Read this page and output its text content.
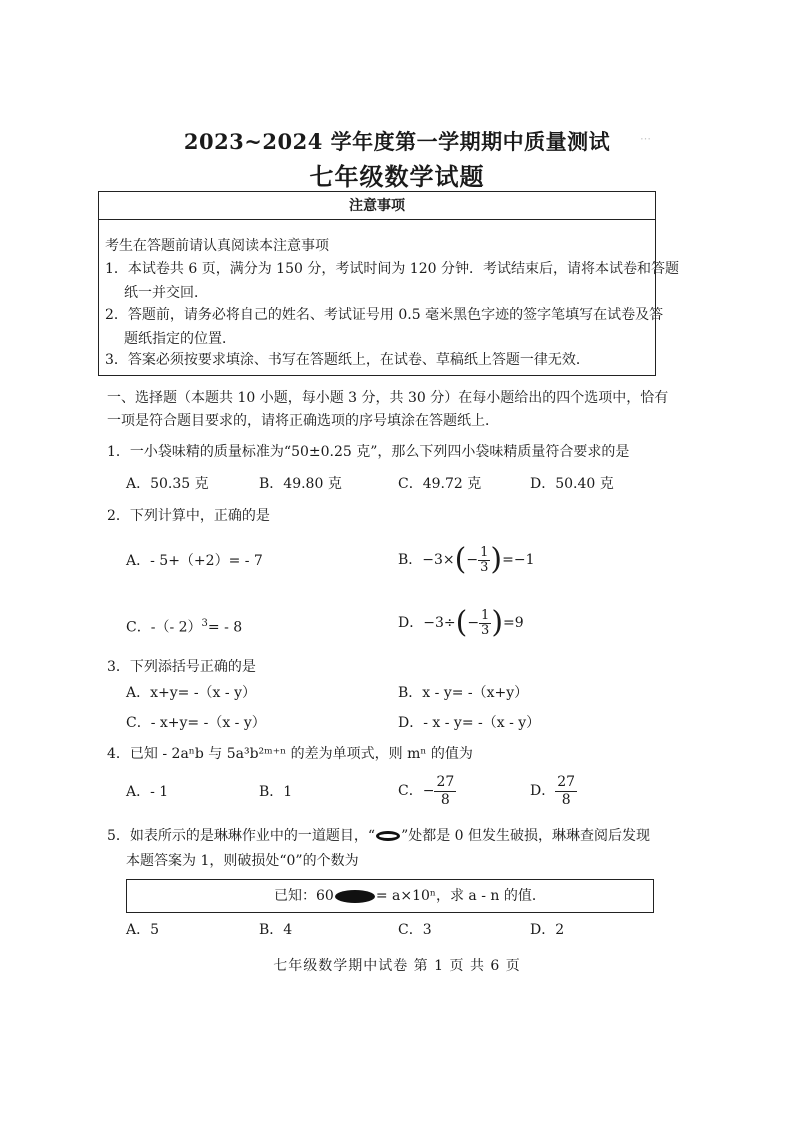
2023~2024 学年度第一学期期中质量测试
七年级数学试题
⋯
注意事项
考生在答题前请认真阅读本注意事项
1．本试卷共 6 页，满分为 150 分，考试时间为 120 分钟．考试结束后，请将本试卷和答题
纸一并交回．
2．答题前，请务必将自己的姓名、考试证号用 0.5 毫米黑色字迹的签字笔填写在试卷及答
题纸指定的位置．
3．答案必须按要求填涂、书写在答题纸上，在试卷、草稿纸上答题一律无效．
一、选择题（本题共 10 小题，每小题 3 分，共 30 分）在每小题给出的四个选项中，恰有
一项是符合题目要求的，请将正确选项的序号填涂在答题纸上．
1．一小袋味精的质量标准为“50±0.25 克”，那么下列四小袋味精质量符合要求的是
A．50.35 克	B．49.80 克	C．49.72 克	D．50.40 克
2．下列计算中，正确的是
A．- 5+（+2）= - 7	B．$-3\times(- \frac{1}{3} )=-1$
C．-（- 2）$^3$= - 8	D．$-3\div(- \frac{1}{3} )=9$
3．下列添括号正确的是
A．x+y= -（x - y）	B．x - y= -（x+y）
C．- x+y= -（x - y）	D．- x - y= -（x - y）
4．已知 - 2aⁿb 与 5a³b²ᵐ⁺ⁿ 的差为单项式，则 mⁿ 的值为
A．- 1	B．1	C．− $\frac{27}{8}$	D． $\frac{27}{8}$
5．如表所示的是琳琳作业中的一道题目，“ ”处都是 0 但发生破损，琳琳查阅后发现
本题答案为 1，则破损处“0”的个数为
已知：60	= a×10ⁿ，求 a - n 的值．
A．5	B．4	C．3	D．2
七年级数学期中试卷 第 1 页 共 6 页
